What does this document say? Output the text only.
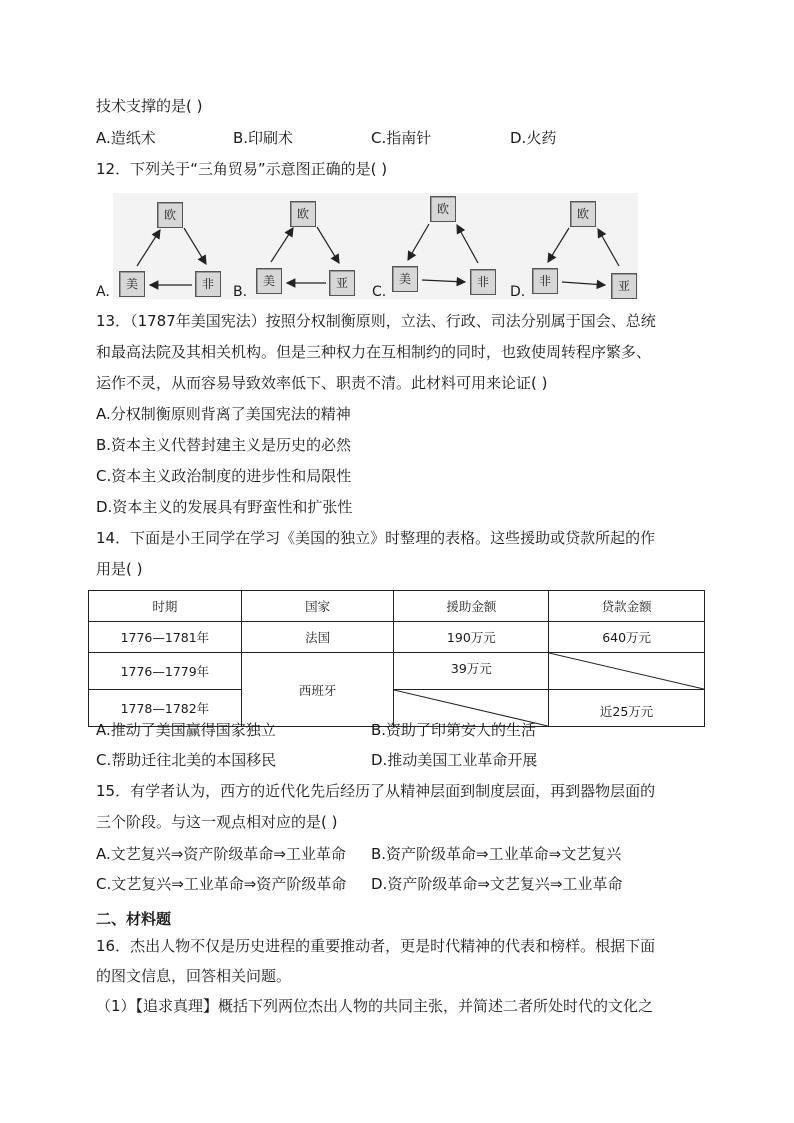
技术支撑的是( )
A.造纸术	B.印刷术	C.指南针	D.火药
12．下列关于“三角贸易”示意图正确的是( )
A.
欧
美	非	B.
欧
美	亚
C.
欧
美	非
D.
欧
非	亚
13．（1787年美国宪法）按照分权制衡原则，立法、行政、司法分别属于国会、总统
和最高法院及其相关机构。但是三种权力在互相制约的同时，也致使周转程序繁多、
运作不灵，从而容易导致效率低下、职责不清。此材料可用来论证( )
A.分权制衡原则背离了美国宪法的精神
B.资本主义代替封建主义是历史的必然
C.资本主义政治制度的进步性和局限性
D.资本主义的发展具有野蛮性和扩张性
14．下面是小王同学在学习《美国的独立》时整理的表格。这些援助或贷款所起的作
用是( )
时期	国家	援助金额	贷款金额
1776—1781年	法国	190万元	640万元
1776—1779年	西班牙	39万元	

1778—1782年			近25万元
A.推动了美国赢得国家独立	B.资助了印第安人的生活
C.帮助迁往北美的本国移民	D.推动美国工业革命开展
15．有学者认为，西方的近代化先后经历了从精神层面到制度层面，再到器物层面的
三个阶段。与这一观点相对应的是( )
A.文艺复兴⇒资产阶级革命⇒工业革命 B.资产阶级革命⇒工业革命⇒文艺复兴
C.文艺复兴⇒工业革命⇒资产阶级革命 D.资产阶级革命⇒文艺复兴⇒工业革命
二、材料题
16．杰出人物不仅是历史进程的重要推动者，更是时代精神的代表和榜样。根据下面
的图文信息，回答相关问题。
（1）【追求真理】概括下列两位杰出人物的共同主张，并简述二者所处时代的文化之
